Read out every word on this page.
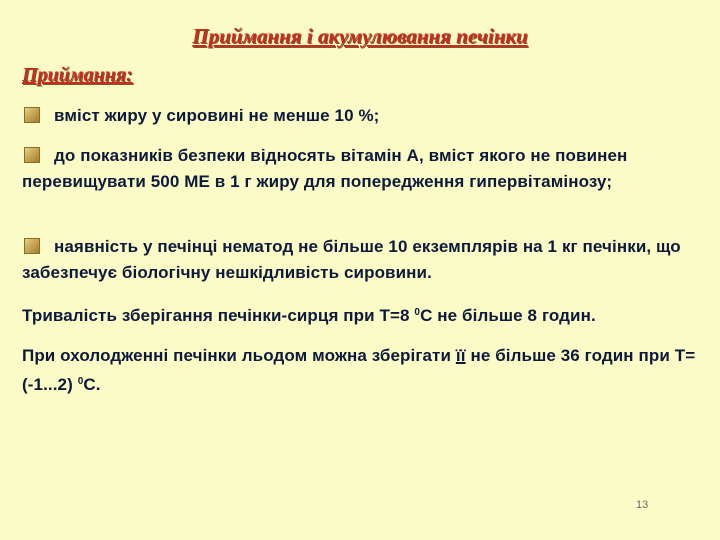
Приймання і акумулювання печінки
Приймання:
вміст жиру у сировині не менше 10 %;
до показників безпеки відносять вітамін А, вміст якого не повинен перевищувати 500 МЕ в 1 г жиру для попередження гипервітамінозу;
наявність у печінці нематод не більше 10 екземплярів на 1 кг печінки, що забезпечує біологічну нешкідливість сировини.
Тривалість зберігання печінки-сирця при Т=8 $^0$С не більше 8 годин.
При охолодженні печінки льодом можна зберігати її не більше 36 годин при Т=(-1...2) $^0$С.
13
